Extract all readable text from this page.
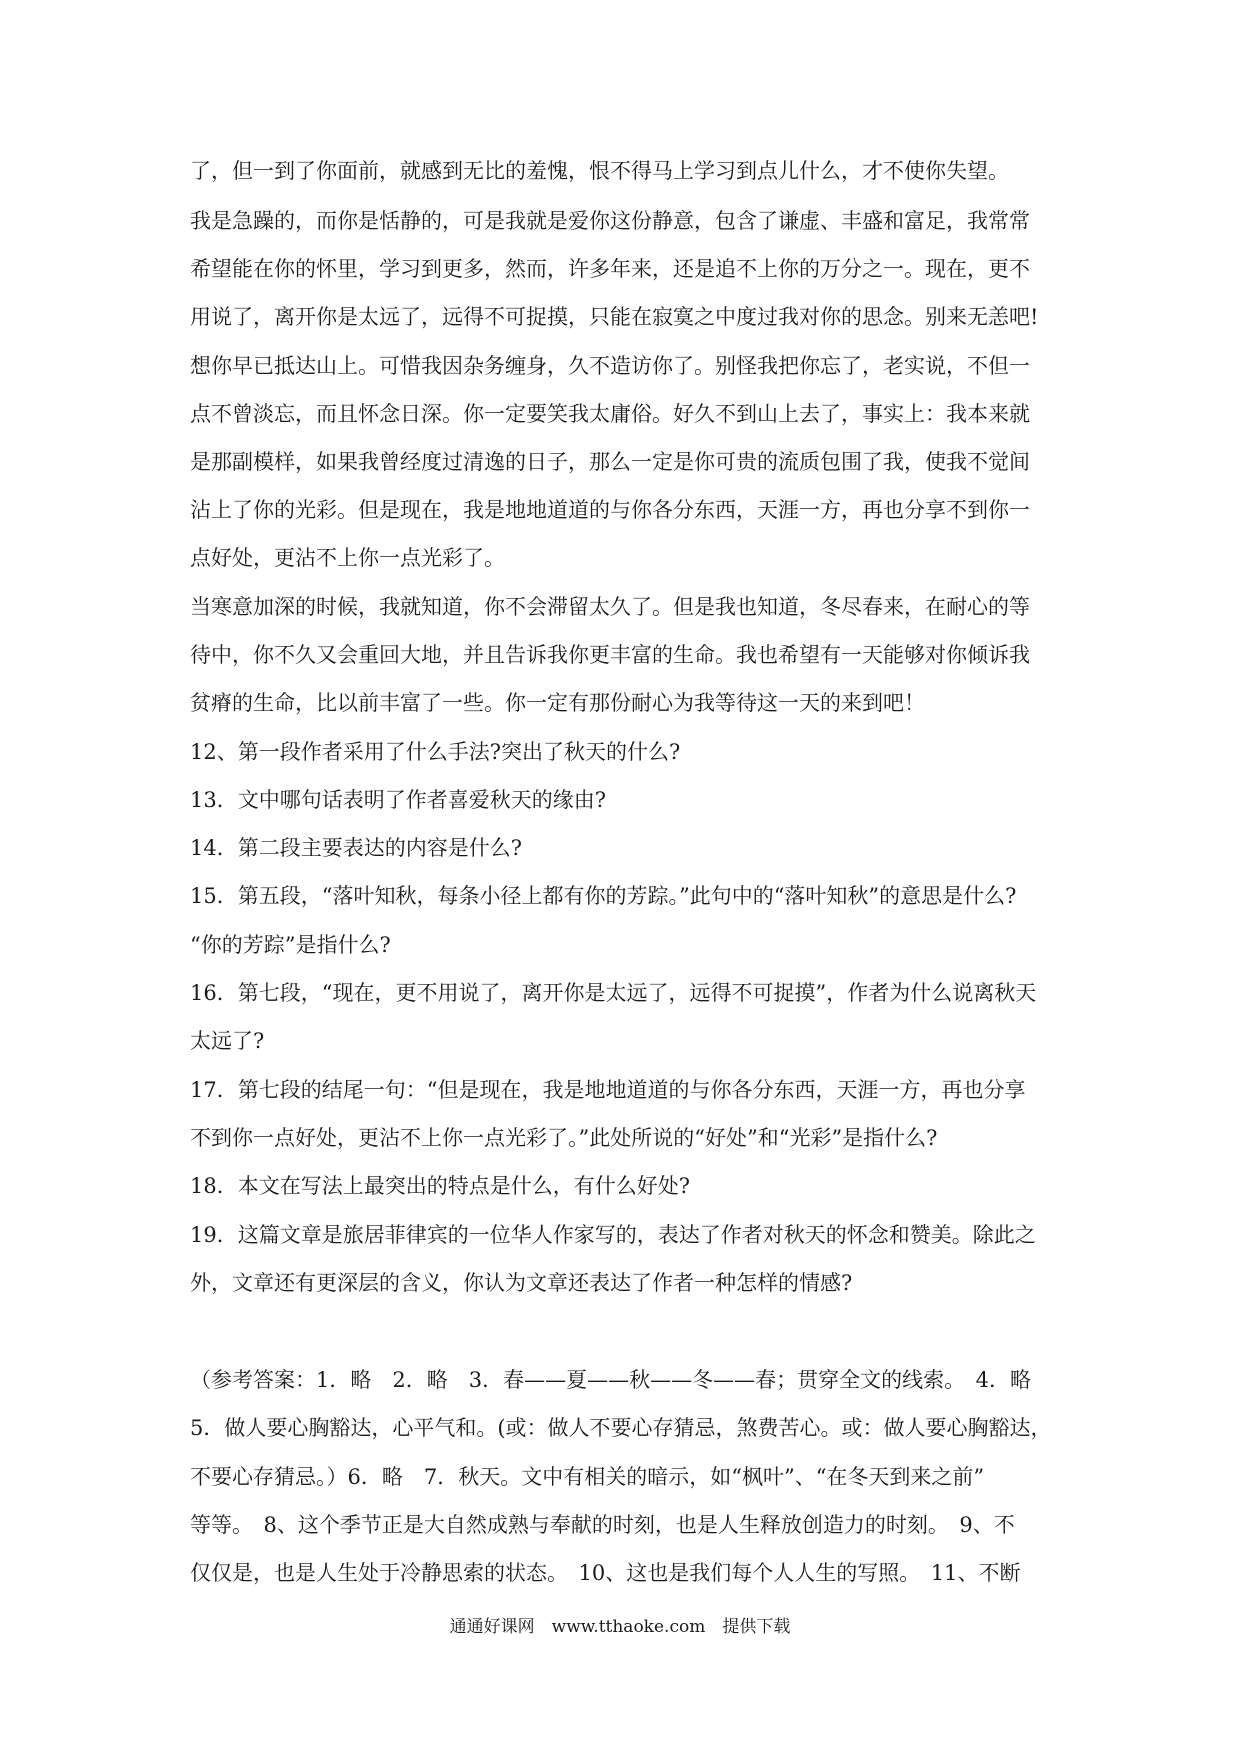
了，但一到了你面前，就感到无比的羞愧，恨不得马上学习到点儿什么，才不使你失望。
我是急躁的，而你是恬静的，可是我就是爱你这份静意，包含了谦虚、丰盛和富足，我常常
希望能在你的怀里，学习到更多，然而，许多年来，还是追不上你的万分之一。现在，更不
用说了，离开你是太远了，远得不可捉摸，只能在寂寞之中度过我对你的思念。别来无恙吧!
想你早已抵达山上。可惜我因杂务缠身，久不造访你了。别怪我把你忘了，老实说，不但一
点不曾淡忘，而且怀念日深。你一定要笑我太庸俗。好久不到山上去了，事实上：我本来就
是那副模样，如果我曾经度过清逸的日子，那么一定是你可贵的流质包围了我，使我不觉间
沾上了你的光彩。但是现在，我是地地道道的与你各分东西，天涯一方，再也分享不到你一
点好处，更沾不上你一点光彩了。
当寒意加深的时候，我就知道，你不会滞留太久了。但是我也知道，冬尽春来，在耐心的等
待中，你不久又会重回大地，并且告诉我你更丰富的生命。我也希望有一天能够对你倾诉我
贫瘠的生命，比以前丰富了一些。你一定有那份耐心为我等待这一天的来到吧！
12、第一段作者采用了什么手法?突出了秋天的什么?
13．文中哪句话表明了作者喜爱秋天的缘由?
14．第二段主要表达的内容是什么?
15．第五段，“落叶知秋，每条小径上都有你的芳踪。”此句中的“落叶知秋”的意思是什么?
“你的芳踪”是指什么?
16．第七段，“现在，更不用说了，离开你是太远了，远得不可捉摸”，作者为什么说离秋天
太远了?
17．第七段的结尾一句：“但是现在，我是地地道道的与你各分东西，天涯一方，再也分享
不到你一点好处，更沾不上你一点光彩了。”此处所说的“好处”和“光彩”是指什么?
18．本文在写法上最突出的特点是什么，有什么好处?
19．这篇文章是旅居菲律宾的一位华人作家写的，表达了作者对秋天的怀念和赞美。除此之
外，文章还有更深层的含义，你认为文章还表达了作者一种怎样的情感?
（参考答案：1．略　2．略　3．春——夏——秋——冬——春；贯穿全文的线索。　4．略
5．做人要心胸豁达，心平气和。(或：做人不要心存猜忌，煞费苦心。或：做人要心胸豁达，
不要心存猜忌。）6．略　7．秋天。文中有相关的暗示，如“枫叶”、“在冬天到来之前”
等等。　8、这个季节正是大自然成熟与奉献的时刻，也是人生释放创造力的时刻。　9、不
仅仅是，也是人生处于冷静思索的状态。　10、这也是我们每个人人生的写照。　11、不断
通通好课网　www.tthaoke.com　提供下载
